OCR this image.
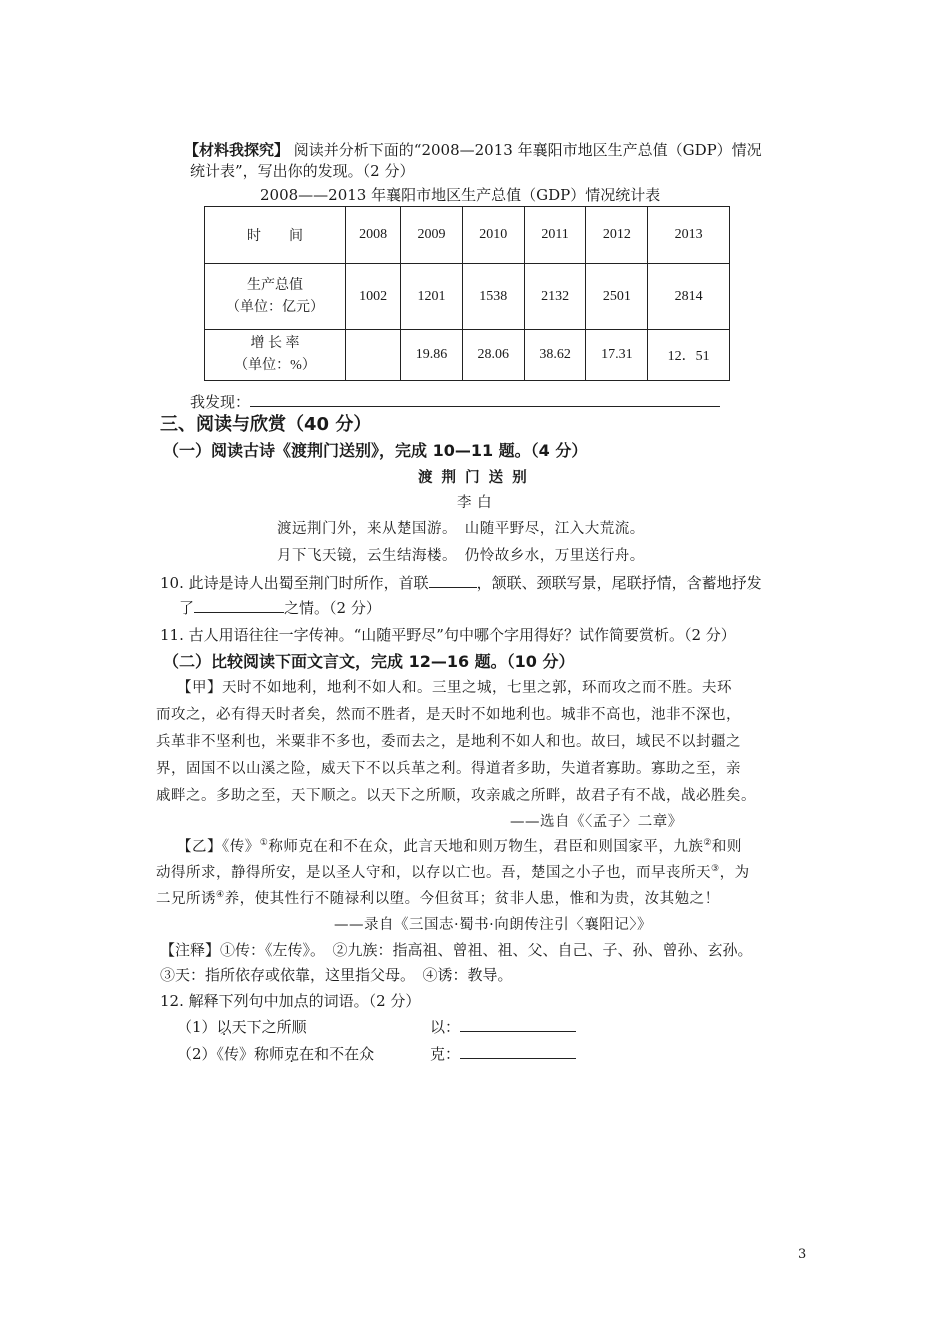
【材料我探究】 阅读并分析下面的“2008—2013 年襄阳市地区生产总值（GDP）情况
统计表”，写出你的发现。（2 分）
2008——2013 年襄阳市地区生产总值（GDP）情况统计表
时　　间	2008	2009	2010	2011	2012	2013

生产总值
（单位：亿元）	1002	1201	1538	2132	2501	2814

增 长 率
（单位：%）		19.86	28.06	38.62	17.31	12．51
我发现：
三、阅读与欣赏（40 分）
（一）阅读古诗《渡荆门送别》，完成 10—11 题。（4 分）
渡 荆 门 送 别
李 白
渡远荆门外，来从楚国游。　山随平野尽，江入大荒流。
月下飞天镜，云生结海楼。　仍怜故乡水，万里送行舟。
10. 此诗是诗人出蜀至荆门时所作，首联	，颔联、颈联写景，尾联抒情，含蓄地抒发
了	之情。（2 分）
11. 古人用语往往一字传神。“山随平野尽”句中哪个字用得好？试作简要赏析。（2 分）
（二）比较阅读下面文言文，完成 12—16 题。（10 分）
【甲】天时不如地利，地利不如人和。三里之城，七里之郭，环而攻之而不胜。夫环
而攻之，必有得天时者矣，然而不胜者，是天时不如地利也。城非不高也，池非不深也，
兵革非不坚利也，米粟非不多也，委而去之，是地利不如人和也。故曰，域民不以封疆之
界，固国不以山溪之险，威天下不以兵革之利。得道者多助，失道者寡助。寡助之至，亲
戚畔之。多助之至，天下顺之。以天下之所顺，攻亲戚之所畔，故君子有不战，战必胜矣。
——选自《〈孟子〉二章》
【乙】《传》①称师克在和不在众，此言天地和则万物生，君臣和则国家平，九族②和则
动得所求，静得所安，是以圣人守和，以存以亡也。吾，楚国之小子也，而早丧所天③，为
二兄所诱④养，使其性行不随禄利以堕。今但贫耳；贫非人患，惟和为贵，汝其勉之！
——录自《三国志·蜀书·向朗传注引〈襄阳记〉》
【注释】①传：《左传》。　②九族：指高祖、曾祖、祖、父、自己、子、孙、曾孙、玄孙。
③天：指所依存或依靠，这里指父母。　④诱：教导。
12. 解释下列句中加点的词语。（2 分）
（1）以天下之所顺	以：
（2）《传》称师克在和不在众	克：
3
